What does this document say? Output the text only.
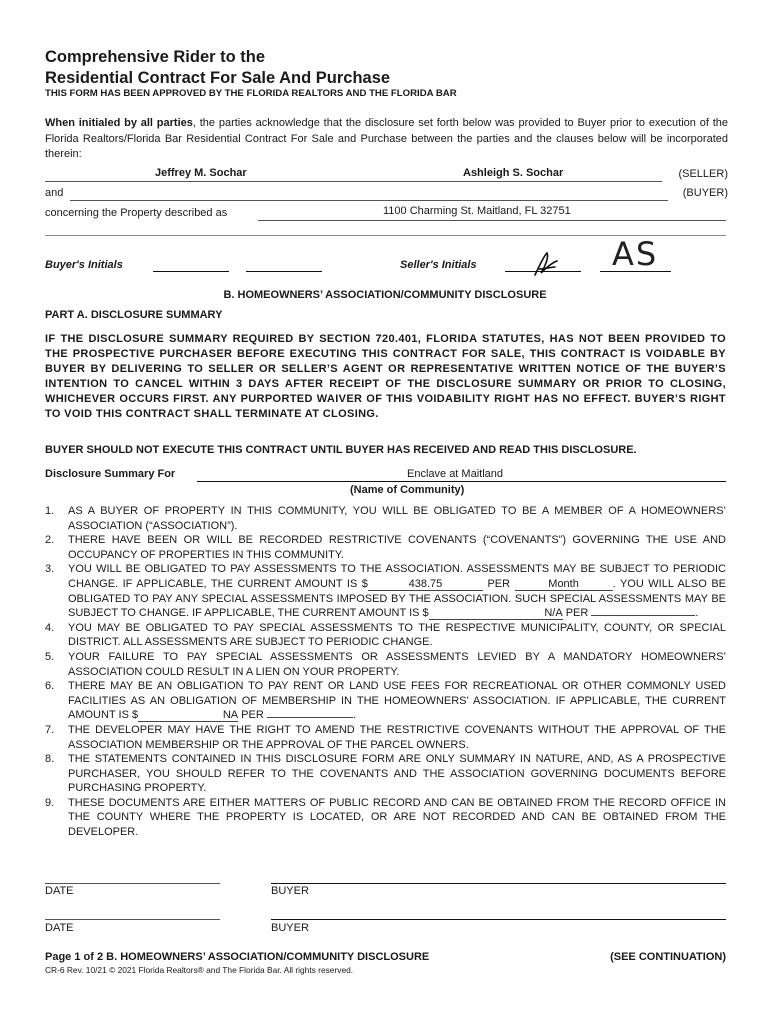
Comprehensive Rider to the
Residential Contract For Sale And Purchase
THIS FORM HAS BEEN APPROVED BY THE FLORIDA REALTORS AND THE FLORIDA BAR
When initialed by all parties, the parties acknowledge that the disclosure set forth below was provided to Buyer prior to execution of the Florida Realtors/Florida Bar Residential Contract For Sale and Purchase between the parties and the clauses below will be incorporated therein:
Jeffrey M. Sochar	Ashleigh S. Sochar	(SELLER)
and	(BUYER)
concerning the Property described as	1100 Charming St. Maitland, FL 32751
Buyer's Initials	Seller's Initials	AS
B. HOMEOWNERS’ ASSOCIATION/COMMUNITY DISCLOSURE
PART A. DISCLOSURE SUMMARY
IF THE DISCLOSURE SUMMARY REQUIRED BY SECTION 720.401, FLORIDA STATUTES, HAS NOT BEEN PROVIDED TO THE PROSPECTIVE PURCHASER BEFORE EXECUTING THIS CONTRACT FOR SALE, THIS CONTRACT IS VOIDABLE BY BUYER BY DELIVERING TO SELLER OR SELLER’S AGENT OR REPRESENTATIVE WRITTEN NOTICE OF THE BUYER’S INTENTION TO CANCEL WITHIN 3 DAYS AFTER RECEIPT OF THE DISCLOSURE SUMMARY OR PRIOR TO CLOSING, WHICHEVER OCCURS FIRST. ANY PURPORTED WAIVER OF THIS VOIDABILITY RIGHT HAS NO EFFECT. BUYER’S RIGHT TO VOID THIS CONTRACT SHALL TERMINATE AT CLOSING.
BUYER SHOULD NOT EXECUTE THIS CONTRACT UNTIL BUYER HAS RECEIVED AND READ THIS DISCLOSURE.
Disclosure Summary For	Enclave at Maitland
(Name of Community)
1. AS A BUYER OF PROPERTY IN THIS COMMUNITY, YOU WILL BE OBLIGATED TO BE A MEMBER OF A HOMEOWNERS’ ASSOCIATION (“ASSOCIATION”).
2. THERE HAVE BEEN OR WILL BE RECORDED RESTRICTIVE COVENANTS (“COVENANTS”) GOVERNING THE USE AND OCCUPANCY OF PROPERTIES IN THIS COMMUNITY.
3. YOU WILL BE OBLIGATED TO PAY ASSESSMENTS TO THE ASSOCIATION. ASSESSMENTS MAY BE SUBJECT TO PERIODIC CHANGE. IF APPLICABLE, THE CURRENT AMOUNT IS $	438.75	PER	Month	. YOU WILL ALSO BE OBLIGATED TO PAY ANY SPECIAL ASSESSMENTS IMPOSED BY THE ASSOCIATION. SUCH SPECIAL ASSESSMENTS MAY BE SUBJECT TO CHANGE. IF APPLICABLE, THE CURRENT AMOUNT IS $	N/A PER	.
4. YOU MAY BE OBLIGATED TO PAY SPECIAL ASSESSMENTS TO THE RESPECTIVE MUNICIPALITY, COUNTY, OR SPECIAL DISTRICT. ALL ASSESSMENTS ARE SUBJECT TO PERIODIC CHANGE.
5. YOUR FAILURE TO PAY SPECIAL ASSESSMENTS OR ASSESSMENTS LEVIED BY A MANDATORY HOMEOWNERS’ ASSOCIATION COULD RESULT IN A LIEN ON YOUR PROPERTY.
6. THERE MAY BE AN OBLIGATION TO PAY RENT OR LAND USE FEES FOR RECREATIONAL OR OTHER COMMONLY USED FACILITIES AS AN OBLIGATION OF MEMBERSHIP IN THE HOMEOWNERS’ ASSOCIATION. IF APPLICABLE, THE CURRENT AMOUNT IS $	NA PER	.
7. THE DEVELOPER MAY HAVE THE RIGHT TO AMEND THE RESTRICTIVE COVENANTS WITHOUT THE APPROVAL OF THE ASSOCIATION MEMBERSHIP OR THE APPROVAL OF THE PARCEL OWNERS.
8. THE STATEMENTS CONTAINED IN THIS DISCLOSURE FORM ARE ONLY SUMMARY IN NATURE, AND, AS A PROSPECTIVE PURCHASER, YOU SHOULD REFER TO THE COVENANTS AND THE ASSOCIATION GOVERNING DOCUMENTS BEFORE PURCHASING PROPERTY.
9. THESE DOCUMENTS ARE EITHER MATTERS OF PUBLIC RECORD AND CAN BE OBTAINED FROM THE RECORD OFFICE IN THE COUNTY WHERE THE PROPERTY IS LOCATED, OR ARE NOT RECORDED AND CAN BE OBTAINED FROM THE DEVELOPER.
DATE	BUYER
DATE	BUYER
Page 1 of 2 B. HOMEOWNERS’ ASSOCIATION/COMMUNITY DISCLOSURE	(SEE CONTINUATION)
CR-6 Rev. 10/21 © 2021 Florida Realtors® and The Florida Bar. All rights reserved.
